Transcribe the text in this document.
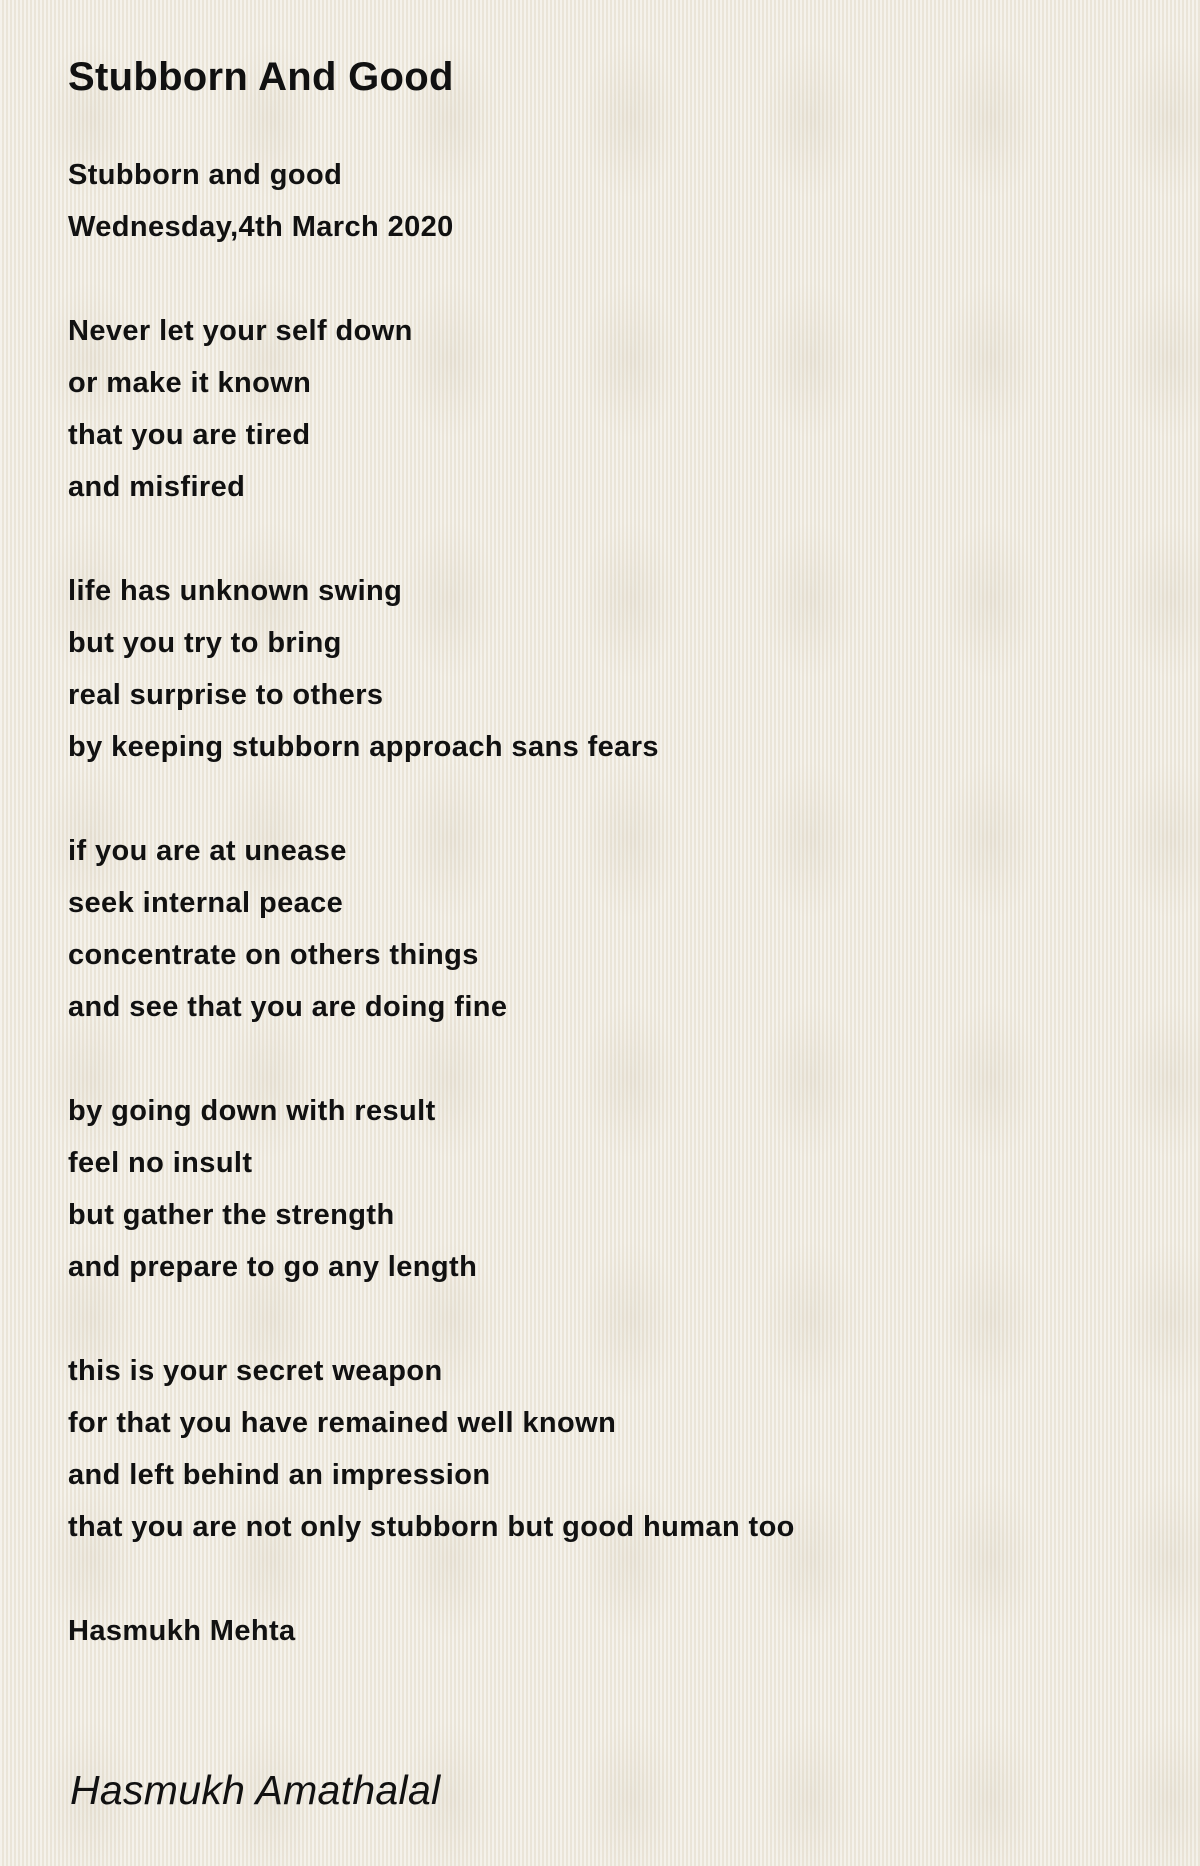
Stubborn And Good
Stubborn and good
Wednesday,4th March 2020
Never let your self down
or make it known
that you are tired
and misfired
life has unknown swing
but you try to bring
real surprise to others
by keeping stubborn approach sans fears
if you are at unease
seek internal peace
concentrate on others things
and see that you are doing fine
by going down with result
feel no insult
but gather the strength
and prepare to go any length
this is your secret weapon
for that you have remained well known
and left behind an impression
that you are not only stubborn but good human too
Hasmukh Mehta

Hasmukh Amathalal
